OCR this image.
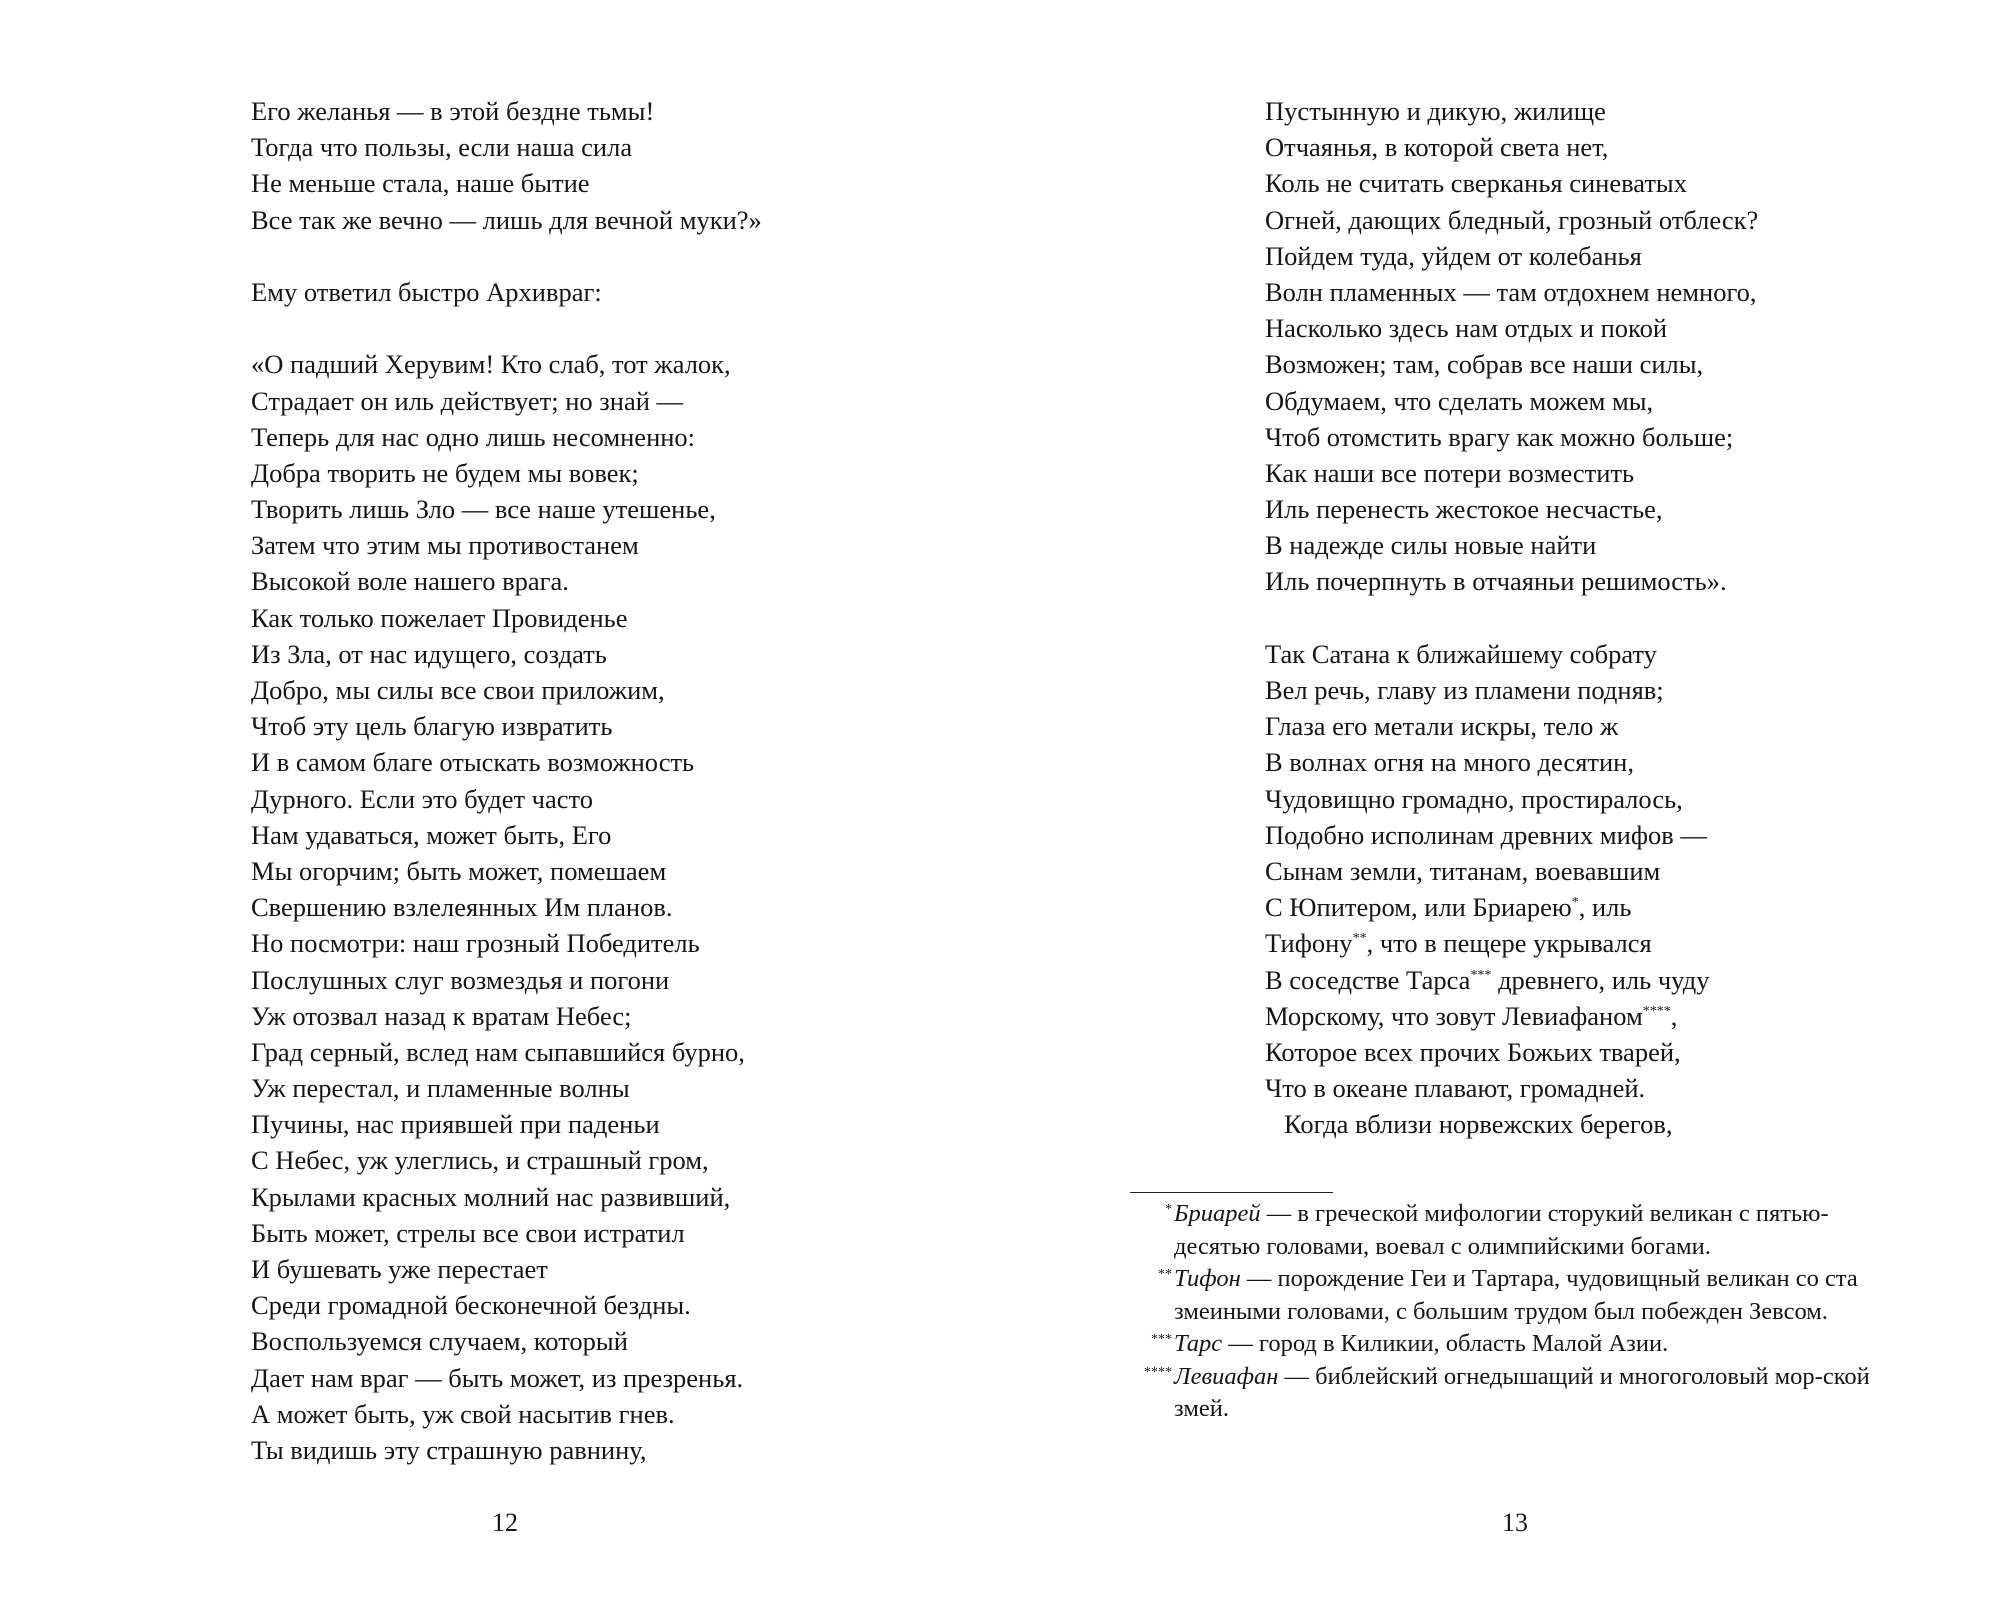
Его желанья — в этой бездне тьмы!
Тогда что пользы, если наша сила
Не меньше стала, наше бытие
Все так же вечно — лишь для вечной муки?»
Ему ответил быстро Архивраг:
«О падший Херувим! Кто слаб, тот жалок,
Страдает он иль действует; но знай —
Теперь для нас одно лишь несомненно:
Добра творить не будем мы вовек;
Творить лишь Зло — все наше утешенье,
Затем что этим мы противостанем
Высокой воле нашего врага.
Как только пожелает Провиденье
Из Зла, от нас идущего, создать
Добро, мы силы все свои приложим,
Чтоб эту цель благую извратить
И в самом благе отыскать возможность
Дурного. Если это будет часто
Нам удаваться, может быть, Его
Мы огорчим; быть может, помешаем
Свершению взлелеянных Им планов.
Но посмотри: наш грозный Победитель
Послушных слуг возмездья и погони
Уж отозвал назад к вратам Небес;
Град серный, вслед нам сыпавшийся бурно,
Уж перестал, и пламенные волны
Пучины, нас приявшей при паденьи
С Небес, уж улеглись, и страшный гром,
Крылами красных молний нас развивший,
Быть может, стрелы все свои истратил
И бушевать уже перестает
Среди громадной бесконечной бездны.
Воспользуемся случаем, который
Дает нам враг — быть может, из презренья.
А может быть, уж свой насытив гнев.
Ты видишь эту страшную равнину,
12
Пустынную и дикую, жилище
Отчаянья, в которой света нет,
Коль не считать сверканья синеватых
Огней, дающих бледный, грозный отблеск?
Пойдем туда, уйдем от колебанья
Волн пламенных — там отдохнем немного,
Насколько здесь нам отдых и покой
Возможен; там, собрав все наши силы,
Обдумаем, что сделать можем мы,
Чтоб отомстить врагу как можно больше;
Как наши все потери возместить
Иль перенесть жестокое несчастье,
В надежде силы новые найти
Иль почерпнуть в отчаяньи решимость».
Так Сатана к ближайшему собрату
Вел речь, главу из пламени подняв;
Глаза его метали искры, тело ж
В волнах огня на много десятин,
Чудовищно громадно, простиралось,
Подобно исполинам древних мифов —
Сынам земли, титанам, воевавшим
С Юпитером, или Бриарею*, иль
Тифону**, что в пещере укрывался
В соседстве Тарса*** древнего, иль чуду
Морскому, что зовут Левиафаном****,
Которое всех прочих Божьих тварей,
Что в океане плавают, громадней.
Когда вблизи норвежских берегов,
* Бриарей — в греческой мифологии сторукий великан с пятью-десятью головами, воевал с олимпийскими богами.
** Тифон — порождение Геи и Тартара, чудовищный великан со ста змеиными головами, с большим трудом был побежден Зевсом.
*** Тарс — город в Киликии, область Малой Азии.
**** Левиафан — библейский огнедышащий и многоголовый мор-ской змей.
13
